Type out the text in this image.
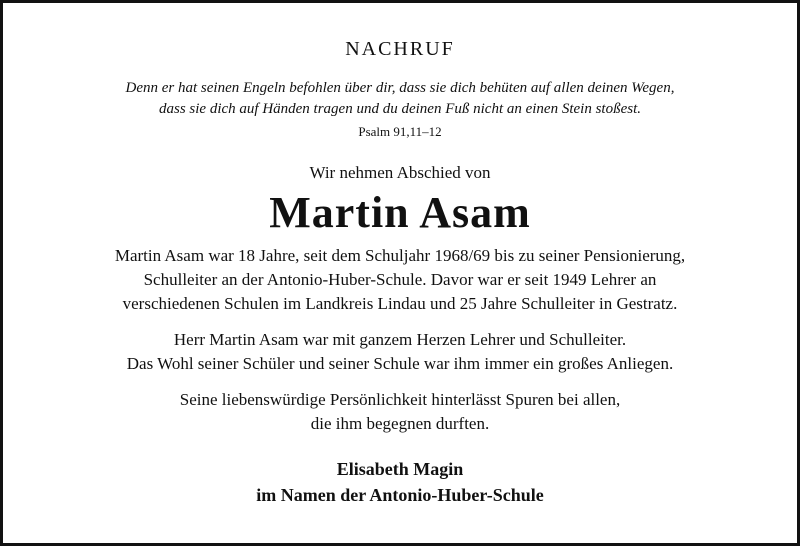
NACHRUF
Denn er hat seinen Engeln befohlen über dir, dass sie dich behüten auf allen deinen Wegen,
dass sie dich auf Händen tragen und du deinen Fuß nicht an einen Stein stoßest.
Psalm 91,11–12
Wir nehmen Abschied von
Martin Asam
Martin Asam war 18 Jahre, seit dem Schuljahr 1968/69 bis zu seiner Pensionierung,
Schulleiter an der Antonio-Huber-Schule. Davor war er seit 1949 Lehrer an
verschiedenen Schulen im Landkreis Lindau und 25 Jahre Schulleiter in Gestratz.
Herr Martin Asam war mit ganzem Herzen Lehrer und Schulleiter.
Das Wohl seiner Schüler und seiner Schule war ihm immer ein großes Anliegen.
Seine liebenswürdige Persönlichkeit hinterlässt Spuren bei allen,
die ihm begegnen durften.
Elisabeth Magin
im Namen der Antonio-Huber-Schule
